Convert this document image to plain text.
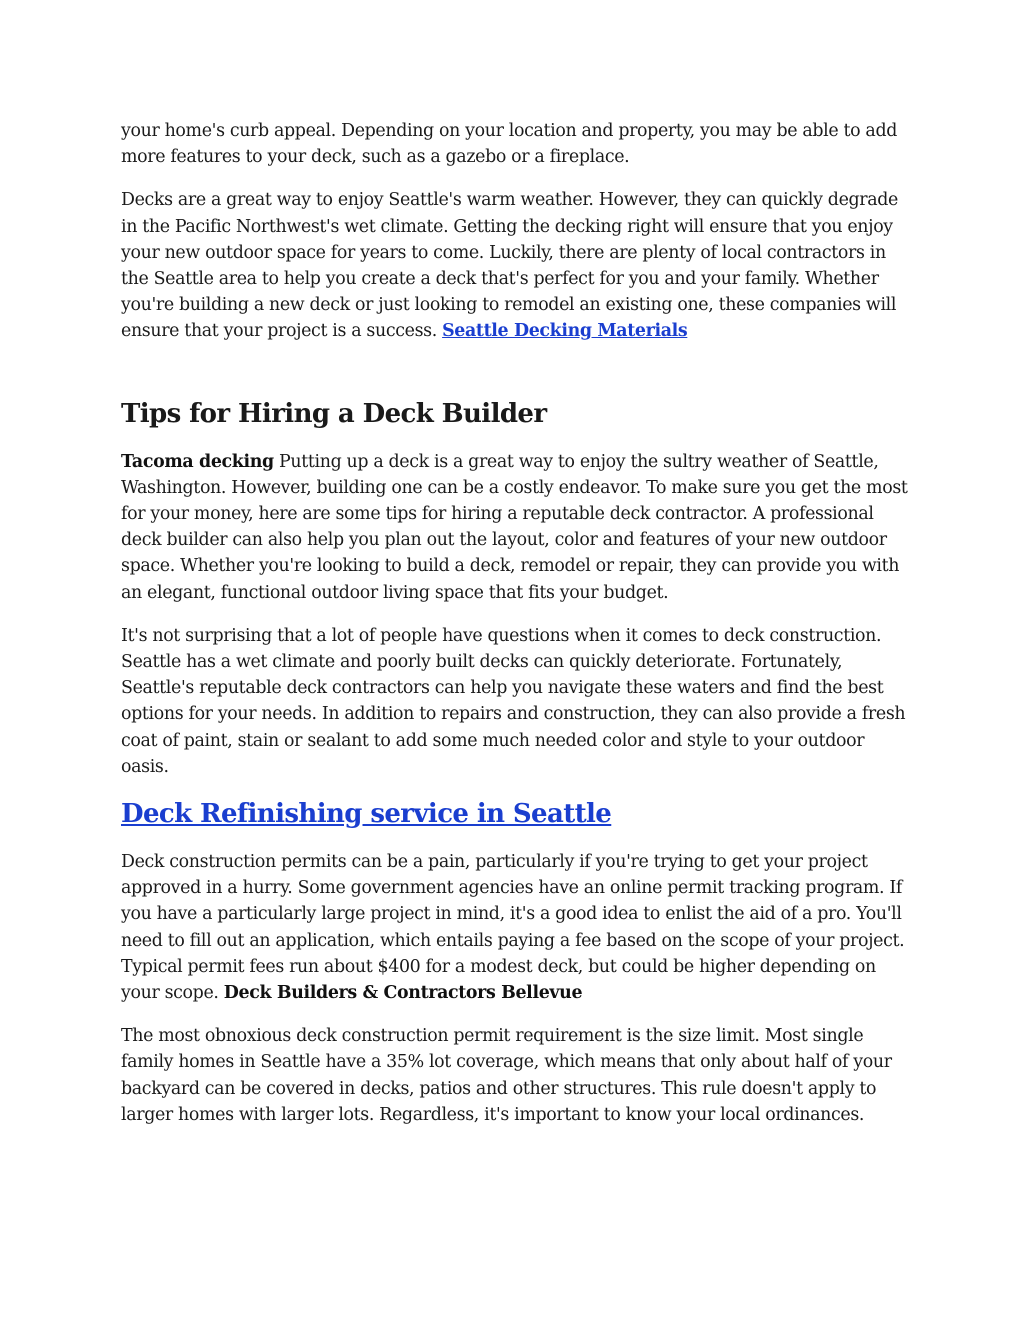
your home's curb appeal. Depending on your location and property, you may be able to add more features to your deck, such as a gazebo or a fireplace.

Decks are a great way to enjoy Seattle's warm weather. However, they can quickly degrade in the Pacific Northwest's wet climate. Getting the decking right will ensure that you enjoy your new outdoor space for years to come. Luckily, there are plenty of local contractors in the Seattle area to help you create a deck that's perfect for you and your family. Whether you're building a new deck or just looking to remodel an existing one, these companies will ensure that your project is a success. Seattle Decking Materials

Tips for Hiring a Deck Builder

Tacoma decking Putting up a deck is a great way to enjoy the sultry weather of Seattle, Washington. However, building one can be a costly endeavor. To make sure you get the most for your money, here are some tips for hiring a reputable deck contractor. A professional deck builder can also help you plan out the layout, color and features of your new outdoor space. Whether you're looking to build a deck, remodel or repair, they can provide you with an elegant, functional outdoor living space that fits your budget.

It's not surprising that a lot of people have questions when it comes to deck construction. Seattle has a wet climate and poorly built decks can quickly deteriorate. Fortunately, Seattle's reputable deck contractors can help you navigate these waters and find the best options for your needs. In addition to repairs and construction, they can also provide a fresh coat of paint, stain or sealant to add some much needed color and style to your outdoor oasis.

Deck Refinishing service in Seattle

Deck construction permits can be a pain, particularly if you're trying to get your project approved in a hurry. Some government agencies have an online permit tracking program. If you have a particularly large project in mind, it's a good idea to enlist the aid of a pro. You'll need to fill out an application, which entails paying a fee based on the scope of your project. Typical permit fees run about $400 for a modest deck, but could be higher depending on your scope. Deck Builders & Contractors Bellevue

The most obnoxious deck construction permit requirement is the size limit. Most single family homes in Seattle have a 35% lot coverage, which means that only about half of your backyard can be covered in decks, patios and other structures. This rule doesn't apply to larger homes with larger lots. Regardless, it's important to know your local ordinances.
